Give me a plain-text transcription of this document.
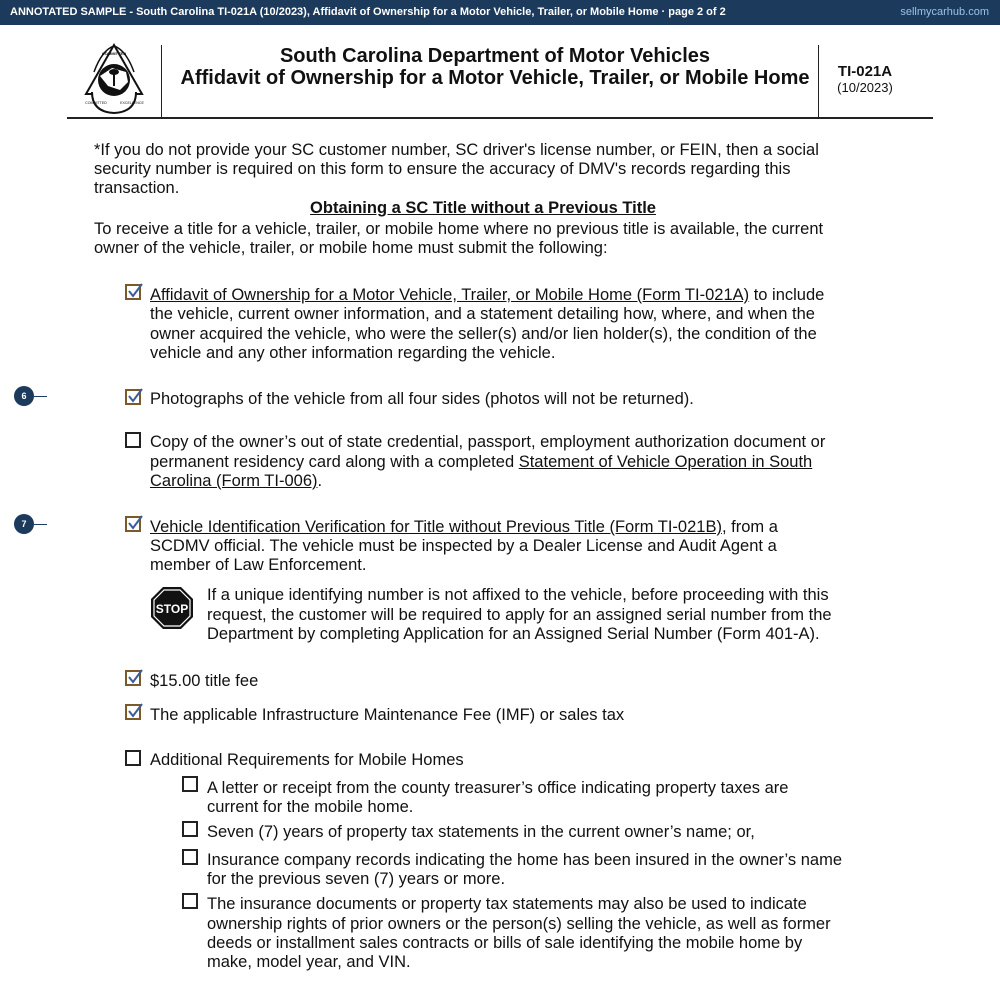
ANNOTATED SAMPLE - South Carolina TI-021A (10/2023), Affidavit of Ownership for a Motor Vehicle, Trailer, or Mobile Home · page 2 of 2	sellmycarhub.com
COMMITTED
COMMITTED	EXCELLENCE
South Carolina Department of Motor Vehicles
Affidavit of Ownership for a Motor Vehicle, Trailer, or Mobile Home	TI-021A
(10/2023)
*If you do not provide your SC customer number, SC driver's license number, or FEIN, then a social
security number is required on this form to ensure the accuracy of DMV's records regarding this
transaction.
Obtaining a SC Title without a Previous Title
To receive a title for a vehicle, trailer, or mobile home where no previous title is available, the current
owner of the vehicle, trailer, or mobile home must submit the following:
Affidavit of Ownership for a Motor Vehicle, Trailer, or Mobile Home (Form TI-021A) to include
the vehicle, current owner information, and a statement detailing how, where, and when the
owner acquired the vehicle, who were the seller(s) and/or lien holder(s), the condition of the
vehicle and any other information regarding the vehicle.
6	Photographs of the vehicle from all four sides (photos will not be returned).
Copy of the owner’s out of state credential, passport, employment authorization document or
permanent residency card along with a completed Statement of Vehicle Operation in South
Carolina (Form TI-006).
7	Vehicle Identification Verification for Title without Previous Title (Form TI-021B), from a
SCDMV official. The vehicle must be inspected by a Dealer License and Audit Agent a
member of Law Enforcement.
STOP
If a unique identifying number is not affixed to the vehicle, before proceeding with this
request, the customer will be required to apply for an assigned serial number from the
Department by completing Application for an Assigned Serial Number (Form 401-A).
$15.00 title fee
The applicable Infrastructure Maintenance Fee (IMF) or sales tax
Additional Requirements for Mobile Homes
A letter or receipt from the county treasurer’s office indicating property taxes are
current for the mobile home.
Seven (7) years of property tax statements in the current owner’s name; or,
Insurance company records indicating the home has been insured in the owner’s name
for the previous seven (7) years or more.
The insurance documents or property tax statements may also be used to indicate
ownership rights of prior owners or the person(s) selling the vehicle, as well as former
deeds or installment sales contracts or bills of sale identifying the mobile home by
make, model year, and VIN.
